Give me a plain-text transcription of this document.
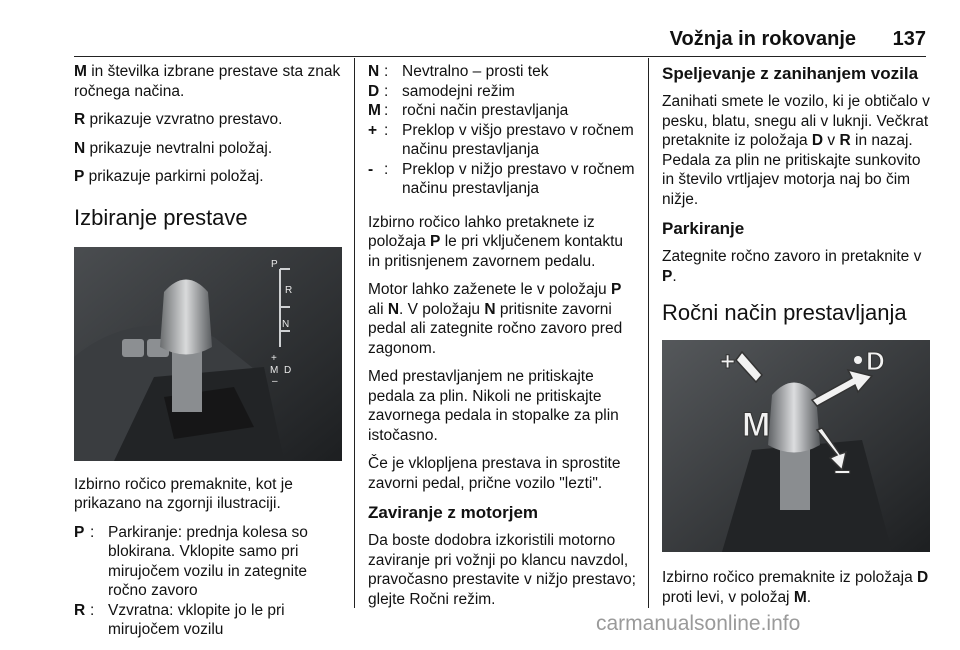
Vožnja in rokovanje 137

M in številka izbrane prestave sta znak ročnega načina.

R prikazuje vzvratno prestavo.

N prikazuje nevtralni položaj.

P prikazuje parkirni položaj.

Izbiranje prestave
P
R
N
+
M D
–

Izbirno ročico premaknite, kot je prikazano na zgornji ilustraciji.

P : Parkiranje: prednja kolesa so blokirana. Vklopite samo pri mirujočem vozilu in zategnite ročno zavoro
R : Vzvratna: vklopite jo le pri mirujočem vozilu
N : Nevtralno – prosti tek
D : samodejni režim
M : ročni način prestavljanja
+ : Preklop v višjo prestavo v ročnem načinu prestavljanja
- : Preklop v nižjo prestavo v ročnem načinu prestavljanja

Izbirno ročico lahko pretaknete iz položaja P le pri vključenem kontaktu in pritisnjenem zavornem pedalu.

Motor lahko zaženete le v položaju P ali N. V položaju N pritisnite zavorni pedal ali zategnite ročno zavoro pred zagonom.

Med prestavljanjem ne pritiskajte pedala za plin. Nikoli ne pritiskajte zavornega pedala in stopalke za plin istočasno.

Če je vklopljena prestava in sprostite zavorni pedal, prične vozilo "lezti".

Zaviranje z motorjem

Da boste dodobra izkoristili motorno zaviranje pri vožnji po klancu navzdol, pravočasno prestavite v nižjo prestavo; glejte Ročni režim.

Speljevanje z zanihanjem vozila

Zanihati smete le vozilo, ki je obtičalo v pesku, blatu, snegu ali v luknji. Večkrat pretaknite iz položaja D v R in nazaj. Pedala za plin ne pritiskajte sunkovito in število vrtljajev motorja naj bo čim nižje.

Parkiranje

Zategnite ročno zavoro in pretaknite v P.

Ročni način prestavljanja
+	D
M
–

Izbirno ročico premaknite iz položaja D proti levi, v položaj M.

carmanualsonline.info
